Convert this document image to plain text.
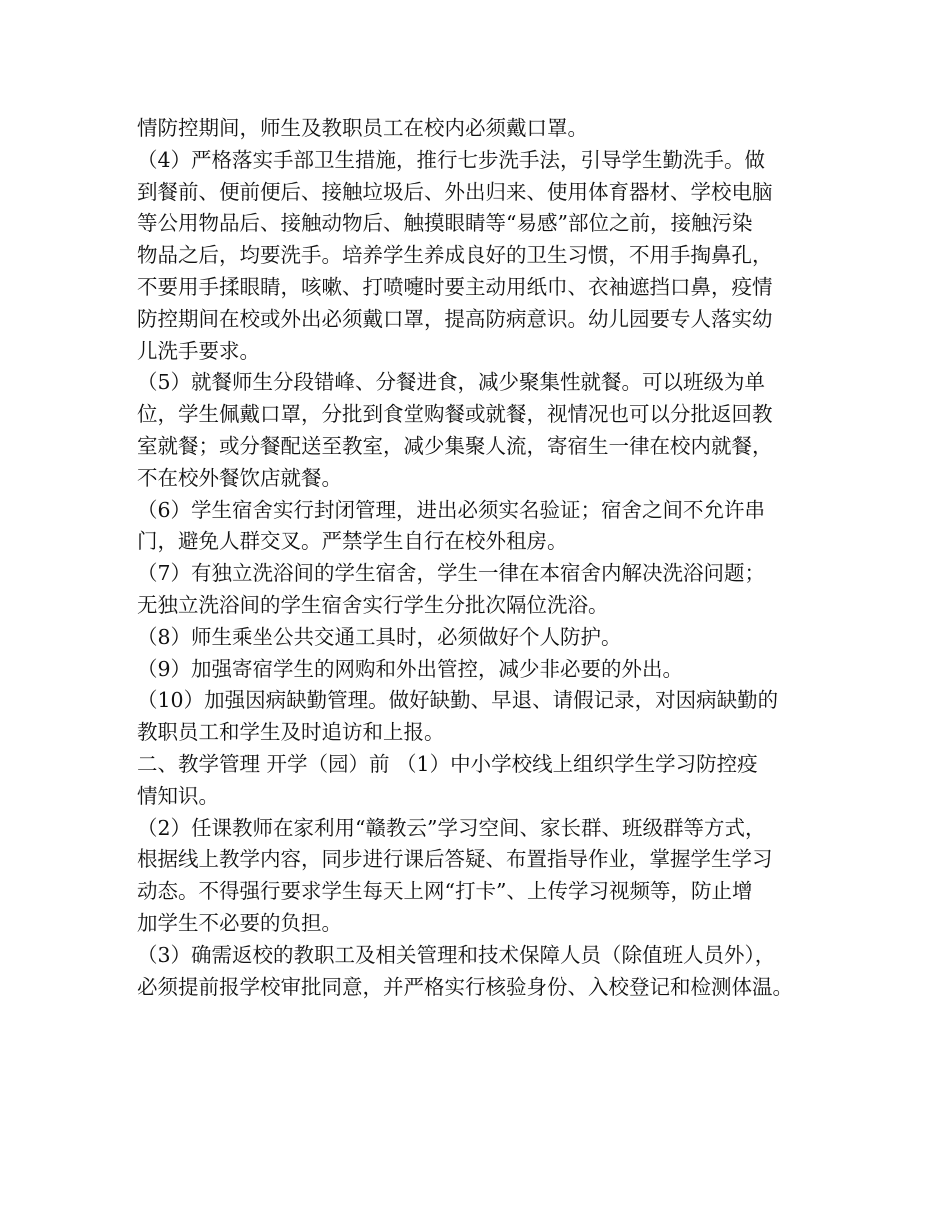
情防控期间，师生及教职员工在校内必须戴口罩。
（4）严格落实手部卫生措施，推行七步洗手法，引导学生勤洗手。做
到餐前、便前便后、接触垃圾后、外出归来、使用体育器材、学校电脑
等公用物品后、接触动物后、触摸眼睛等“易感”部位之前，接触污染
物品之后，均要洗手。培养学生养成良好的卫生习惯，不用手掏鼻孔，
不要用手揉眼睛，咳嗽、打喷嚏时要主动用纸巾、衣袖遮挡口鼻，疫情
防控期间在校或外出必须戴口罩，提高防病意识。幼儿园要专人落实幼
儿洗手要求。
（5）就餐师生分段错峰、分餐进食，减少聚集性就餐。可以班级为单
位，学生佩戴口罩，分批到食堂购餐或就餐，视情况也可以分批返回教
室就餐；或分餐配送至教室，减少集聚人流，寄宿生一律在校内就餐，
不在校外餐饮店就餐。
（6）学生宿舍实行封闭管理，进出必须实名验证；宿舍之间不允许串
门，避免人群交叉。严禁学生自行在校外租房。
（7）有独立洗浴间的学生宿舍，学生一律在本宿舍内解决洗浴问题；
无独立洗浴间的学生宿舍实行学生分批次隔位洗浴。
（8）师生乘坐公共交通工具时，必须做好个人防护。
（9）加强寄宿学生的网购和外出管控，减少非必要的外出。
（10）加强因病缺勤管理。做好缺勤、早退、请假记录，对因病缺勤的
教职员工和学生及时追访和上报。
二、教学管理 开学（园）前 （1）中小学校线上组织学生学习防控疫
情知识。
（2）任课教师在家利用“赣教云”学习空间、家长群、班级群等方式，
根据线上教学内容，同步进行课后答疑、布置指导作业，掌握学生学习
动态。不得强行要求学生每天上网“打卡”、上传学习视频等，防止增
加学生不必要的负担。
（3）确需返校的教职工及相关管理和技术保障人员（除值班人员外），
必须提前报学校审批同意，并严格实行核验身份、入校登记和检测体温。
